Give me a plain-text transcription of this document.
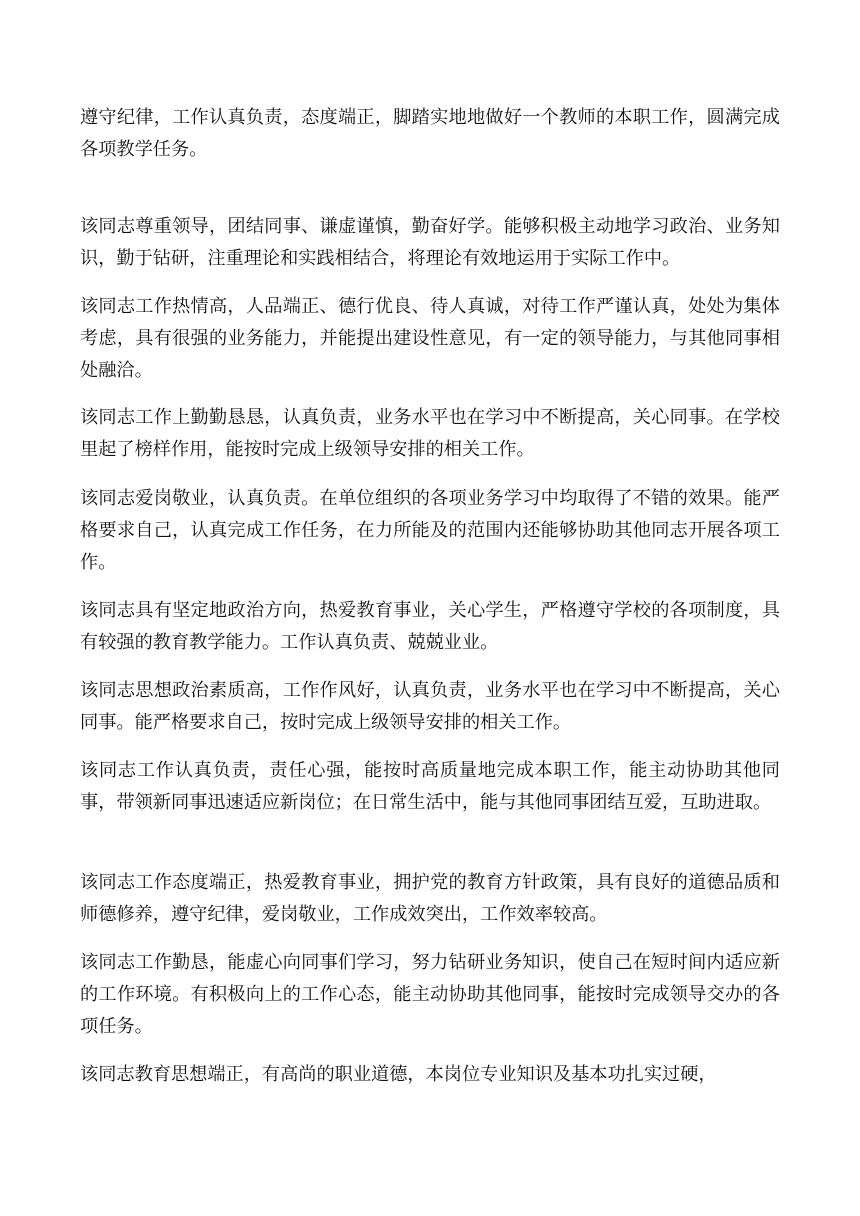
遵守纪律，工作认真负责，态度端正，脚踏实地地做好一个教师的本职工作，圆满完成各项教学任务。

该同志尊重领导，团结同事、谦虚谨慎，勤奋好学。能够积极主动地学习政治、业务知识，勤于钻研，注重理论和实践相结合，将理论有效地运用于实际工作中。

该同志工作热情高，人品端正、德行优良、待人真诚，对待工作严谨认真，处处为集体考虑，具有很强的业务能力，并能提出建设性意见，有一定的领导能力，与其他同事相处融洽。

该同志工作上勤勤恳恳，认真负责，业务水平也在学习中不断提高，关心同事。在学校里起了榜样作用，能按时完成上级领导安排的相关工作。

该同志爱岗敬业，认真负责。在单位组织的各项业务学习中均取得了不错的效果。能严格要求自己，认真完成工作任务，在力所能及的范围内还能够协助其他同志开展各项工作。

该同志具有坚定地政治方向，热爱教育事业，关心学生，严格遵守学校的各项制度，具有较强的教育教学能力。工作认真负责、兢兢业业。

该同志思想政治素质高，工作作风好，认真负责，业务水平也在学习中不断提高，关心同事。能严格要求自己，按时完成上级领导安排的相关工作。

该同志工作认真负责，责任心强，能按时高质量地完成本职工作，能主动协助其他同事，带领新同事迅速适应新岗位；在日常生活中，能与其他同事团结互爱，互助进取。

该同志工作态度端正，热爱教育事业，拥护党的教育方针政策，具有良好的道德品质和师德修养，遵守纪律，爱岗敬业，工作成效突出，工作效率较高。

该同志工作勤恳，能虚心向同事们学习，努力钻研业务知识，使自己在短时间内适应新的工作环境。有积极向上的工作心态，能主动协助其他同事，能按时完成领导交办的各项任务。

该同志教育思想端正，有高尚的职业道德，本岗位专业知识及基本功扎实过硬，
